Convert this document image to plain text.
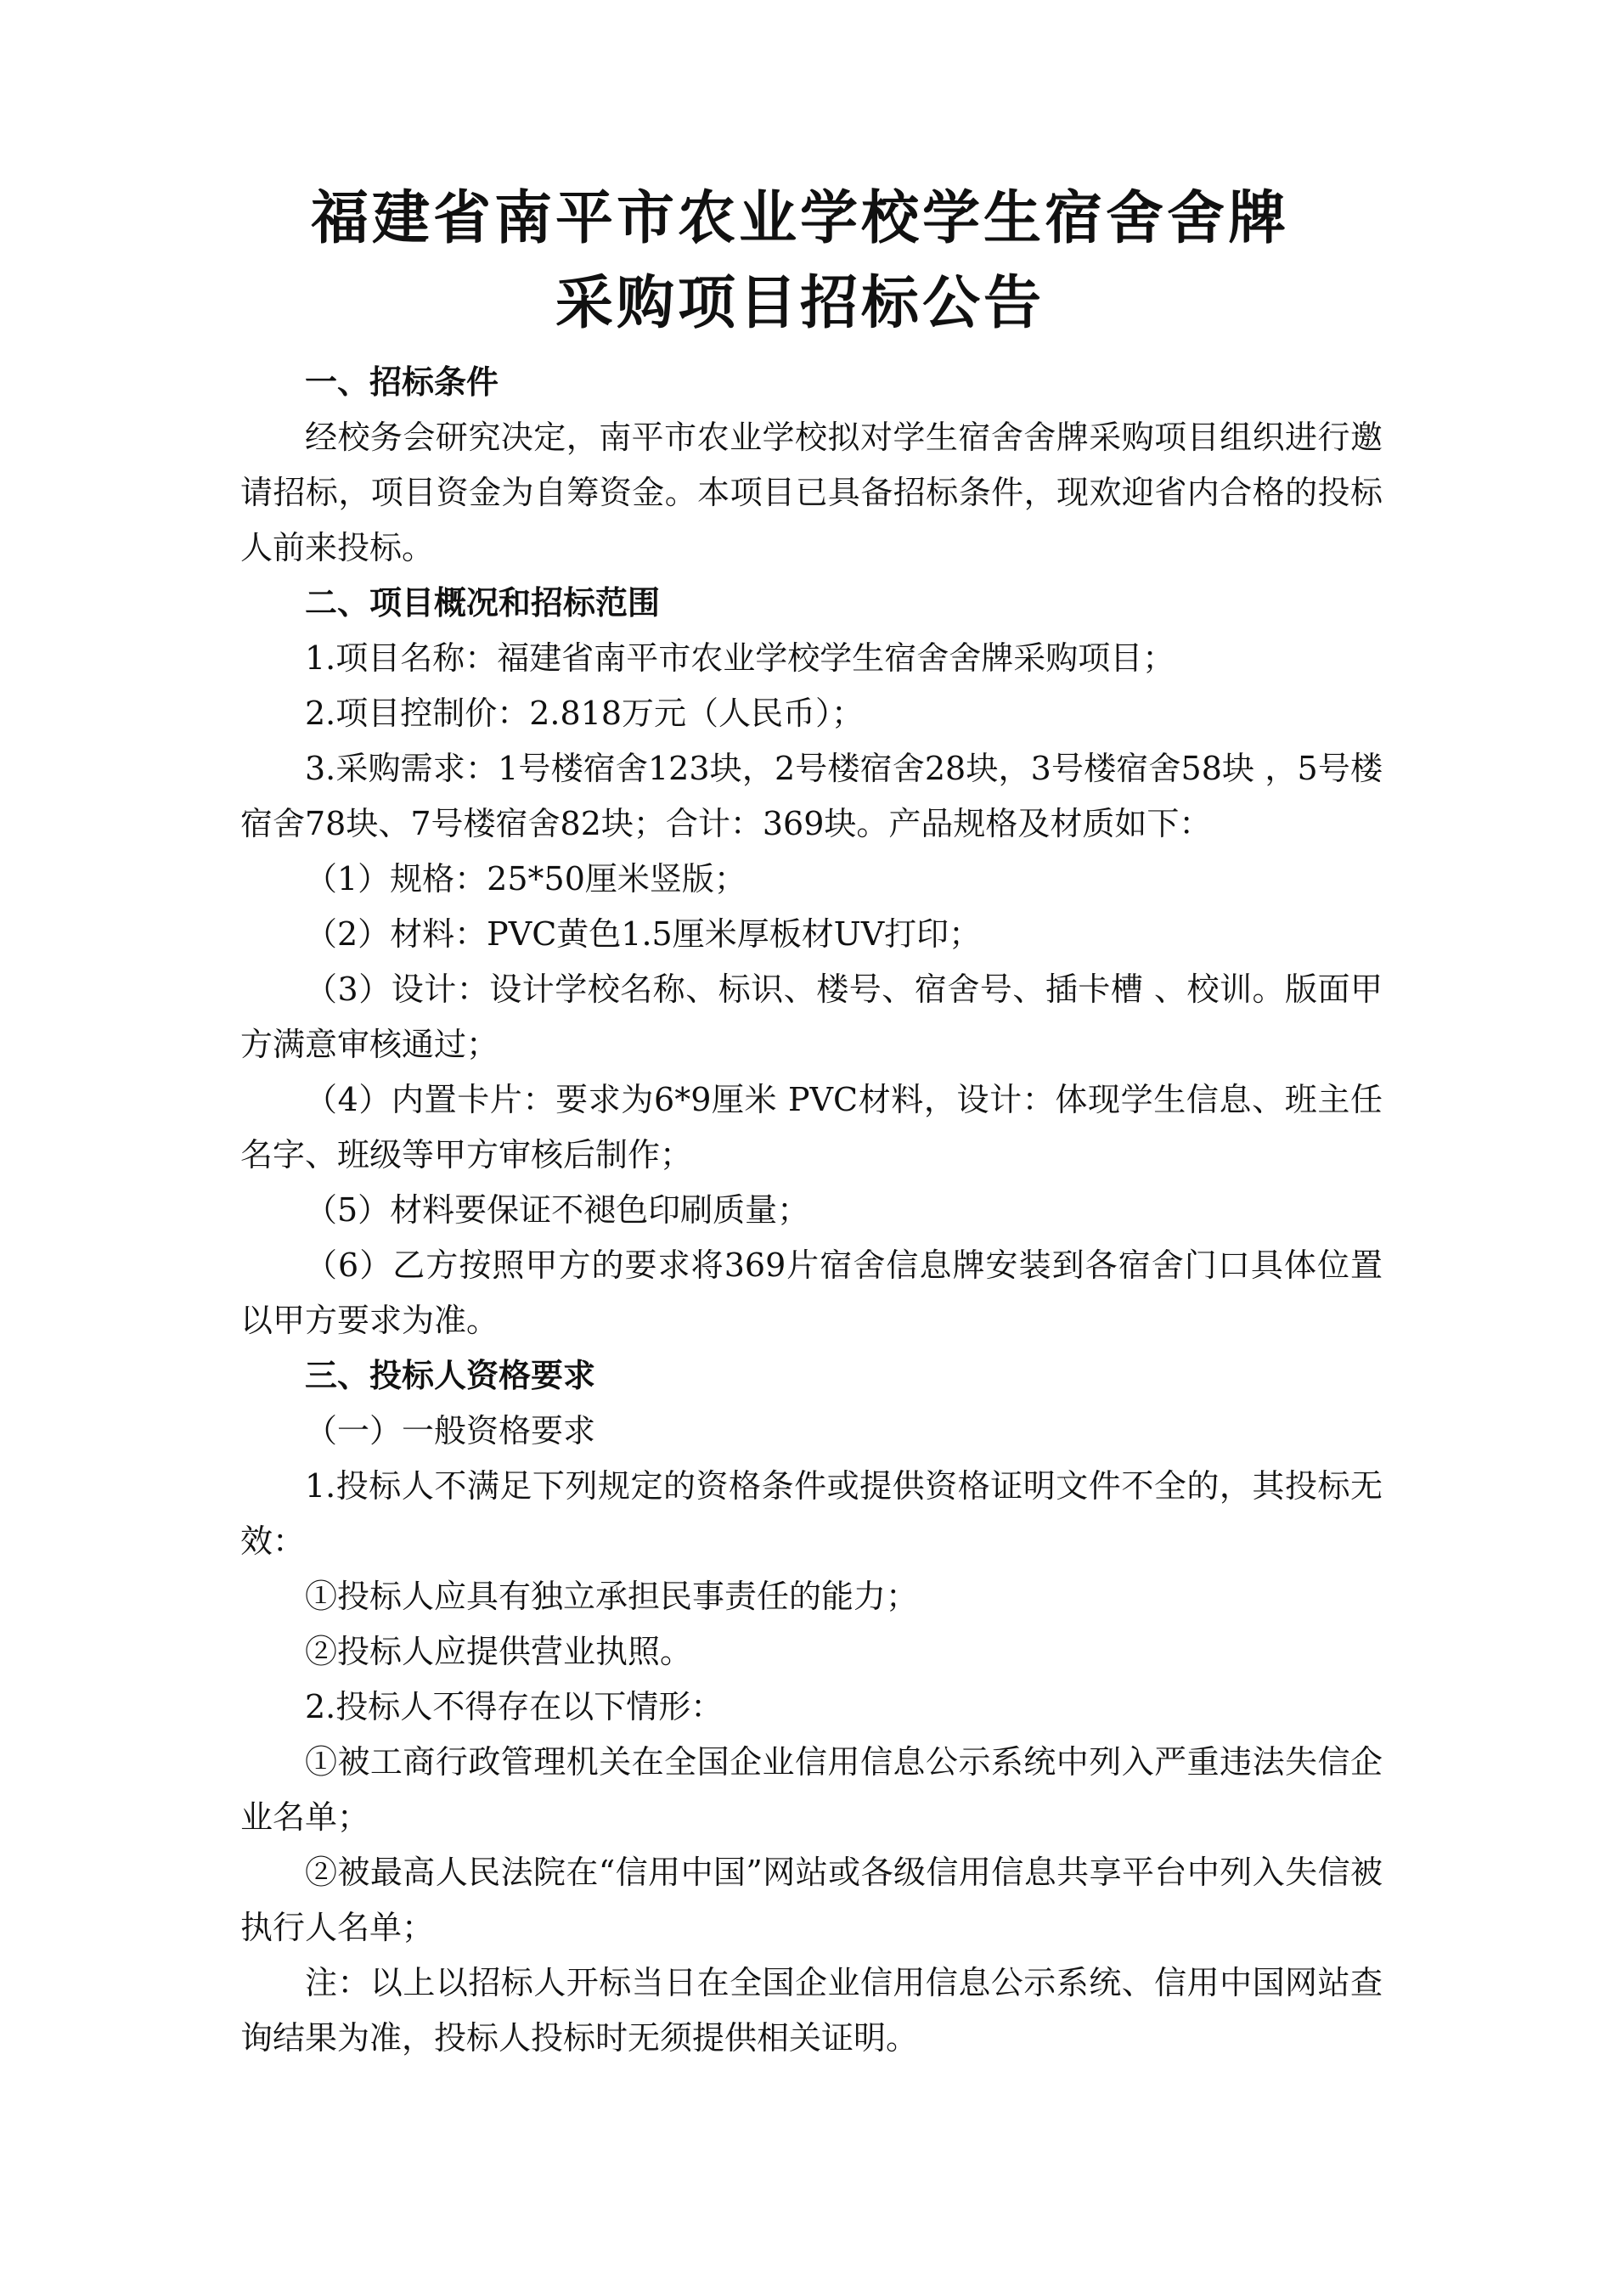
福建省南平市农业学校学生宿舍舍牌
采购项目招标公告

一、招标条件

经校务会研究决定，南平市农业学校拟对学生宿舍舍牌采购项目组织进行邀请招标，项目资金为自筹资金。本项目已具备招标条件，现欢迎省内合格的投标人前来投标。

二、项目概况和招标范围

1.项目名称：福建省南平市农业学校学生宿舍舍牌采购项目；

2.项目控制价：2.818万元（人民币）；

3.采购需求：1号楼宿舍123块，2号楼宿舍28块，3号楼宿舍58块 ，5号楼宿舍78块、7号楼宿舍82块；合计：369块。产品规格及材质如下：

（1）规格：25*50厘米竖版；

（2）材料：PVC黄色1.5厘米厚板材UV打印；

（3）设计：设计学校名称、标识、楼号、宿舍号、插卡槽 、校训。版面甲方满意审核通过；

（4）内置卡片：要求为6*9厘米 PVC材料，设计：体现学生信息、班主任名字、班级等甲方审核后制作；

（5）材料要保证不褪色印刷质量；

（6）乙方按照甲方的要求将369片宿舍信息牌安装到各宿舍门口具体位置以甲方要求为准。

三、投标人资格要求

（一）一般资格要求

1.投标人不满足下列规定的资格条件或提供资格证明文件不全的，其投标无效：

①投标人应具有独立承担民事责任的能力；

②投标人应提供营业执照。

2.投标人不得存在以下情形：

①被工商行政管理机关在全国企业信用信息公示系统中列入严重违法失信企业名单；

②被最高人民法院在“信用中国”网站或各级信用信息共享平台中列入失信被执行人名单；

注：以上以招标人开标当日在全国企业信用信息公示系统、信用中国网站查询结果为准，投标人投标时无须提供相关证明。
